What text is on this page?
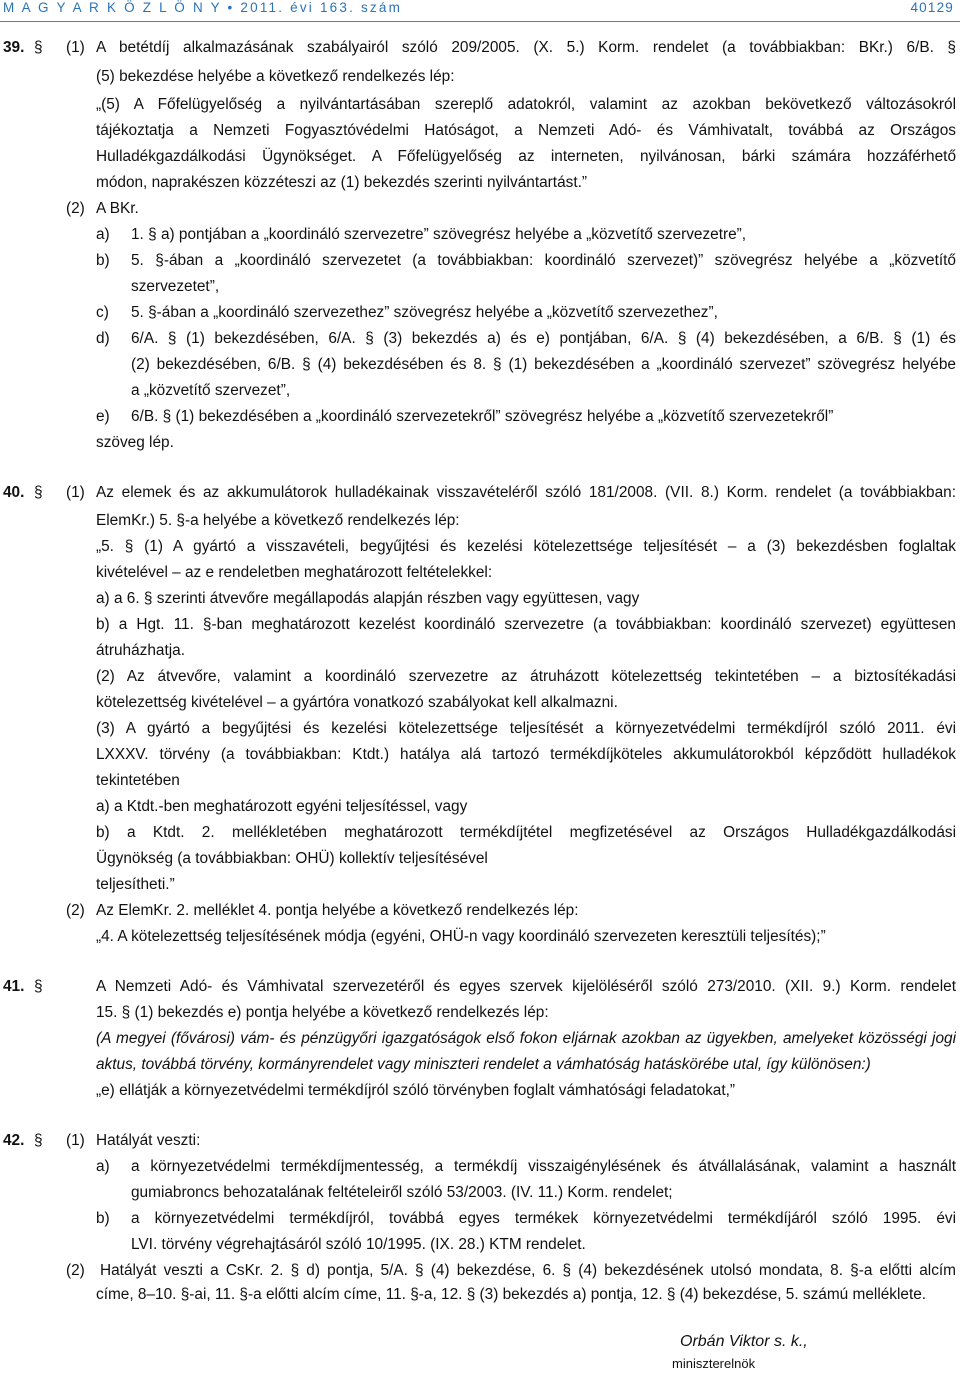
M A G Y A R K Ö Z L Ö N Y • 2011. évi 163. szám	40129
39. § (1) A betétdíj alkalmazásának szabályairól szóló 209/2005. (X. 5.) Korm. rendelet (a továbbiakban: BKr.) 6/B. §
(5) bekezdése helyébe a következő rendelkezés lép:
„(5) A Főfelügyelőség a nyilvántartásában szereplő adatokról, valamint az azokban bekövetkező változásokról
tájékoztatja a Nemzeti Fogyasztóvédelmi Hatóságot, a Nemzeti Adó- és Vámhivatalt, továbbá az Országos
Hulladékgazdálkodási Ügynökséget. A Főfelügyelőség az interneten, nyilvánosan, bárki számára hozzáférhető
módon, naprakészen közzéteszi az (1) bekezdés szerinti nyilvántartást.”
(2) A BKr.
a) 1. § a) pontjában a „koordináló szervezetre” szövegrész helyébe a „közvetítő szervezetre”,
b) 5. §-ában a „koordináló szervezetet (a továbbiakban: koordináló szervezet)” szövegrész helyébe a „közvetítő
szervezetet”,
c) 5. §-ában a „koordináló szervezethez” szövegrész helyébe a „közvetítő szervezethez”,
d) 6/A. § (1) bekezdésében, 6/A. § (3) bekezdés a) és e) pontjában, 6/A. § (4) bekezdésében, a 6/B. § (1) és
(2) bekezdésében, 6/B. § (4) bekezdésében és 8. § (1) bekezdésében a „koordináló szervezet” szövegrész helyébe
a „közvetítő szervezet”,
e) 6/B. § (1) bekezdésében a „koordináló szervezetekről” szövegrész helyébe a „közvetítő szervezetekről”
szöveg lép.
40. § (1) Az elemek és az akkumulátorok hulladékainak visszavételéről szóló 181/2008. (VII. 8.) Korm. rendelet (a továbbiakban:
ElemKr.) 5. §-a helyébe a következő rendelkezés lép:
„5. § (1) A gyártó a visszavételi, begyűjtési és kezelési kötelezettsége teljesítését – a (3) bekezdésben foglaltak
kivételével – az e rendeletben meghatározott feltételekkel:
a) a 6. § szerinti átvevőre megállapodás alapján részben vagy együttesen, vagy
b) a Hgt. 11. §-ban meghatározott kezelést koordináló szervezetre (a továbbiakban: koordináló szervezet) együttesen
átruházhatja.
(2) Az átvevőre, valamint a koordináló szervezetre az átruházott kötelezettség tekintetében – a biztosítékadási
kötelezettség kivételével – a gyártóra vonatkozó szabályokat kell alkalmazni.
(3) A gyártó a begyűjtési és kezelési kötelezettsége teljesítését a környezetvédelmi termékdíjról szóló 2011. évi
LXXXV. törvény (a továbbiakban: Ktdt.) hatálya alá tartozó termékdíjköteles akkumulátorokból képződött hulladékok
tekintetében
a) a Ktdt.-ben meghatározott egyéni teljesítéssel, vagy
b) a Ktdt. 2. mellékletében meghatározott termékdíjtétel megfizetésével az Országos Hulladékgazdálkodási
Ügynökség (a továbbiakban: OHÜ) kollektív teljesítésével
teljesítheti.”
(2) Az ElemKr. 2. melléklet 4. pontja helyébe a következő rendelkezés lép:
„4. A kötelezettség teljesítésének módja (egyéni, OHÜ-n vagy koordináló szervezeten keresztüli teljesítés);”
41. §	A Nemzeti Adó- és Vámhivatal szervezetéről és egyes szervek kijelöléséről szóló 273/2010. (XII. 9.) Korm. rendelet
15. § (1) bekezdés e) pontja helyébe a következő rendelkezés lép:
(A megyei (fővárosi) vám- és pénzügyőri igazgatóságok első fokon eljárnak azokban az ügyekben, amelyeket közösségi jogi
aktus, továbbá törvény, kormányrendelet vagy miniszteri rendelet a vámhatóság hatáskörébe utal, így különösen:)
„e) ellátják a környezetvédelmi termékdíjról szóló törvényben foglalt vámhatósági feladatokat,”
42. § (1) Hatályát veszti:
a) a környezetvédelmi termékdíjmentesség, a termékdíj visszaigénylésének és átvállalásának, valamint a használt
gumiabroncs behozatalának feltételeiről szóló 53/2003. (IV. 11.) Korm. rendelet;
b) a környezetvédelmi termékdíjról, továbbá egyes termékek környezetvédelmi termékdíjáról szóló 1995. évi
LVI. törvény végrehajtásáról szóló 10/1995. (IX. 28.) KTM rendelet.
(2) Hatályát veszti a CsKr. 2. § d) pontja, 5/A. § (4) bekezdése, 6. § (4) bekezdésének utolsó mondata, 8. §-a előtti alcím
címe, 8–10. §-ai, 11. §-a előtti alcím címe, 11. §-a, 12. § (3) bekezdés a) pontja, 12. § (4) bekezdése, 5. számú melléklete.
Orbán Viktor s. k.,
miniszterelnök
